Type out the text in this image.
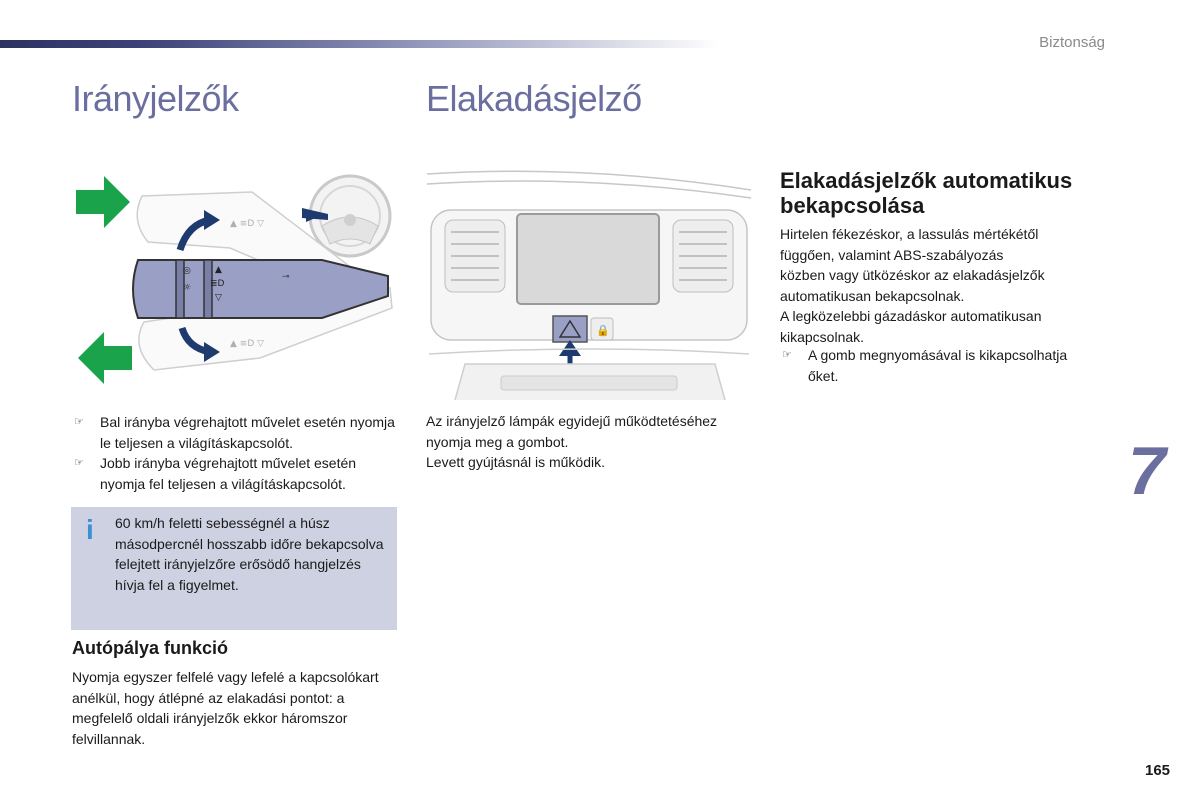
Biztonság
Irányjelzők	Elakadásjelző
▲ ≡D ▽
▲ ≡D ▽
◎
☼
▲
≣D
▽
⊸
🔒
☞	Bal irányba végrehajtott művelet esetén nyomja le teljesen a világításkapcsolót.
☞	Jobb irányba végrehajtott művelet esetén nyomja fel teljesen a világításkapcsolót.
i 60 km/h feletti sebességnél a húsz másodpercnél hosszabb időre bekapcsolva felejtett irányjelzőre erősödő hangjelzés hívja fel a figyelmet.

Autópálya funkció

Nyomja egyszer felfelé vagy lefelé a kapcsolókart anélkül, hogy átlépné az elakadási pontot: a megfelelő oldali irányjelzők ekkor háromszor felvillannak.

Az irányjelző lámpák egyidejű működtetéséhez
nyomja meg a gombot.
Levett gyújtásnál is működik.
Elakadásjelzők automatikus
bekapcsolása
Hirtelen fékezéskor, a lassulás mértékétől
függően, valamint ABS-szabályozás
közben vagy ütközéskor az elakadásjelzők
automatikusan bekapcsolnak.
A legközelebbi gázadáskor automatikusan
kikapcsolnak.
☞	A gomb megnyomásával is kikapcsolhatja
őket.
7
165
